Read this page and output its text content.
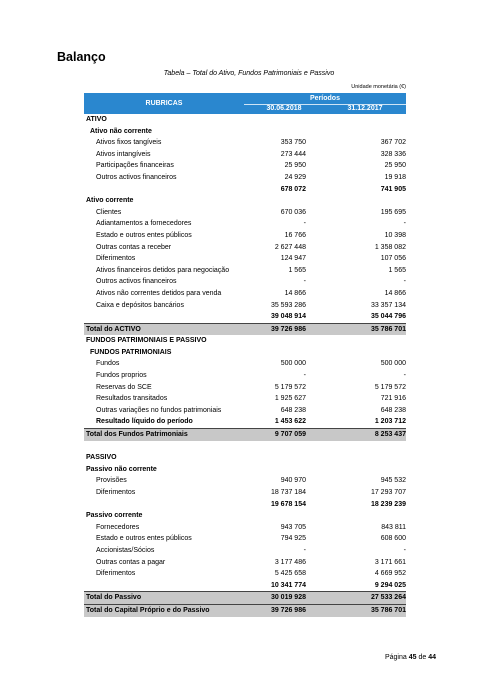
Balanço
Tabela – Total do Ativo, Fundos Patrimoniais e Passivo
Unidade monetária (€)
RUBRICAS
Períodos
30.06.2018	31.12.2017
ATIVO
Ativo não corrente
Ativos fixos tangíveis	353 750	367 702
Ativos intangíveis	273 444	328 336
Participações financeiras	25 950	25 950
Outros activos financeiros	24 929	19 918
678 072	741 905
Ativo corrente
Clientes	670 036	195 695
Adiantamentos a fornecedores	-	-
Estado e outros entes públicos	16 766	10 398
Outras contas a receber	2 627 448	1 358 082
Diferimentos	124 947	107 056
Ativos financeiros detidos para negociação	1 565	1 565
Outros activos financeiros	-	-
Ativos não correntes detidos para venda	14 866	14 866
Caixa e depósitos bancários	35 593 286	33 357 134
39 048 914	35 044 796
Total do ACTIVO	39 726 986	35 786 701
FUNDOS PATRIMONIAIS E PASSIVO
FUNDOS PATRIMONIAIS
Fundos	500 000	500 000
Fundos proprios	-	-
Reservas do SCE	5 179 572	5 179 572
Resultados transitados	1 925 627	721 916
Outras variações no fundos patrimoniais	648 238	648 238
Resultado líquido do período	1 453 622	1 203 712
Total dos Fundos Patrimoniais	9 707 059	8 253 437
PASSIVO
Passivo não corrente
Provisões	940 970	945 532
Diferimentos	18 737 184	17 293 707
19 678 154	18 239 239
Passivo corrente
Fornecedores	943 705	843 811
Estado e outros entes públicos	794 925	608 600
Accionistas/Sócios	-	-
Outras contas a pagar	3 177 486	3 171 661
Diferimentos	5 425 658	4 669 952
10 341 774	9 294 025
Total do Passivo	30 019 928	27 533 264
Total do Capital Próprio e do Passivo	39 726 986	35 786 701
Página 45 de 44
